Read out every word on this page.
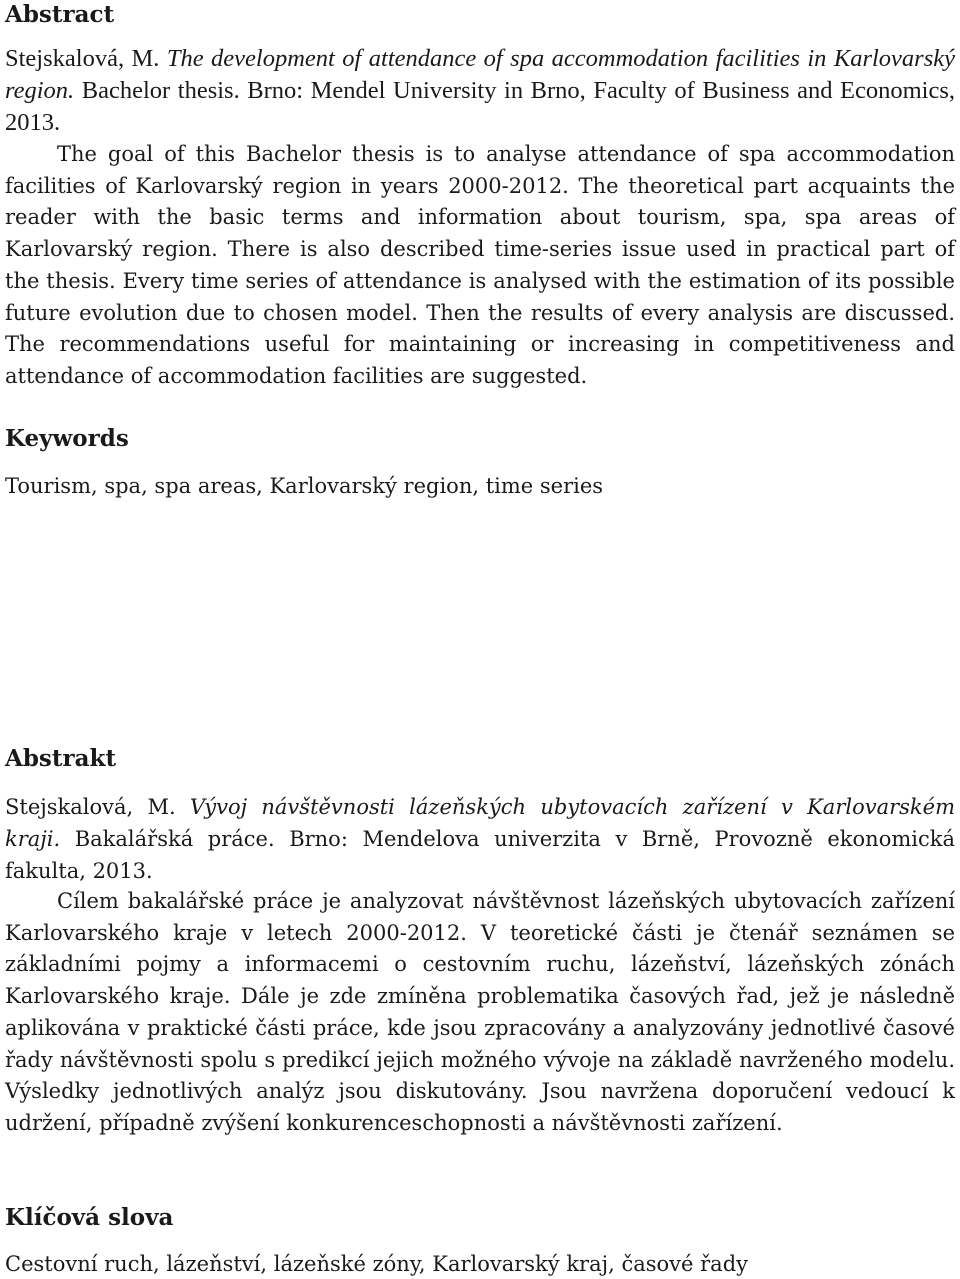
Abstract

Stejskalová, M. The development of attendance of spa accommodation facilities in Karlovarský region. Bachelor thesis. Brno: Mendel University in Brno, Faculty of Business and Economics, 2013.

The goal of this Bachelor thesis is to analyse attendance of spa accommodation facilities of Karlovarský region in years 2000-2012. The theoretical part acquaints the reader with the basic terms and information about tourism, spa, spa areas of Karlovarský region. There is also described time-series issue used in practical part of the thesis. Every time series of attendance is analysed with the estimation of its possible future evolution due to chosen model. Then the results of every analysis are discussed. The recommendations useful for maintaining or increasing in competitiveness and attendance of accommodation facilities are suggested.

Keywords

Tourism, spa, spa areas, Karlovarský region, time series

Abstrakt

Stejskalová, M. Vývoj návštěvnosti lázeňských ubytovacích zařízení v Karlovarském kraji. Bakalářská práce. Brno: Mendelova univerzita v Brně, Provozně ekonomická fakulta, 2013.

Cílem bakalářské práce je analyzovat návštěvnost lázeňských ubytovacích zařízení Karlovarského kraje v letech 2000-2012. V teoretické části je čtenář seznámen se základními pojmy a informacemi o cestovním ruchu, lázeňství, lázeňských zónách Karlovarského kraje. Dále je zde zmíněna problematika časových řad, jež je následně aplikována v praktické části práce, kde jsou zpracovány a analyzovány jednotlivé časové řady návštěvnosti spolu s predikcí jejich možného vývoje na základě navrženého modelu. Výsledky jednotlivých analýz jsou diskutovány. Jsou navržena doporučení vedoucí k udržení, případně zvýšení konkurenceschopnosti a návštěvnosti zařízení.

Klíčová slova

Cestovní ruch, lázeňství, lázeňské zóny, Karlovarský kraj, časové řady
